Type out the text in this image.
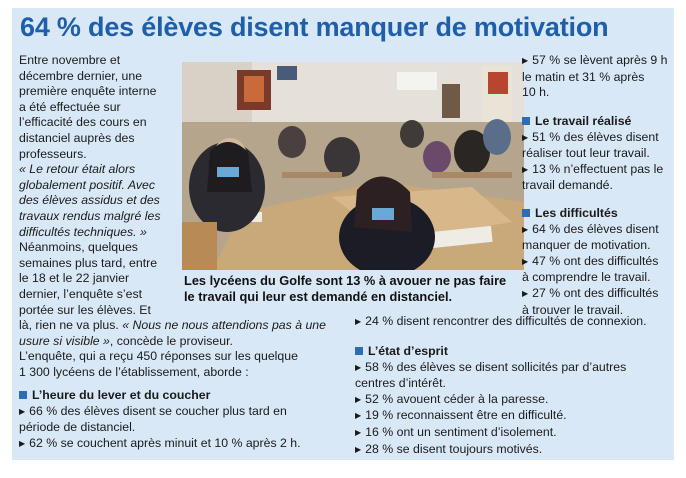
64 % des élèves disent manquer de motivation
Entre novembre et
décembre dernier, une
première enquête interne
a été effectuée sur
l’efficacité des cours en
distanciel auprès des
professeurs.
« Le retour était alors
globalement positif. Avec
des élèves assidus et des
travaux rendus malgré les
difficultés techniques. »
Néanmoins, quelques
semaines plus tard, entre
le 18 et le 22 janvier
dernier, l’enquête s’est
portée sur les élèves. Et
là, rien ne va plus. « Nous ne nous attendions pas à une
usure si visible », concède le proviseur.
L’enquête, qui a reçu 450 réponses sur les quelque
1 300 lycéens de l’établissement, aborde :
L’heure du lever et du coucher
▶ 66 % des élèves disent se coucher plus tard en
période de distanciel.
▶ 62 % se couchent après minuit et 10 % après 2 h.
Les lycéens du Golfe sont 13 % à avouer ne pas faire
le travail qui leur est demandé en distanciel.
▶ 57 % se lèvent après 9 h
le matin et 31 % après
10 h.
Le travail réalisé
▶ 51 % des élèves disent
réaliser tout leur travail.
▶ 13 % n’effectuent pas le
travail demandé.
Les difficultés
▶ 64 % des élèves disent
manquer de motivation.
▶ 47 % ont des difficultés
à comprendre le travail.
▶ 27 % ont des difficultés
à trouver le travail.
▶ 24 % disent rencontrer des difficultés de connexion.
L’état d’esprit
▶ 58 % des élèves se disent sollicités par d’autres
centres d’intérêt.
▶ 52 % avouent céder à la paresse.
▶ 19 % reconnaissent être en difficulté.
▶ 16 % ont un sentiment d’isolement.
▶ 28 % se disent toujours motivés.
